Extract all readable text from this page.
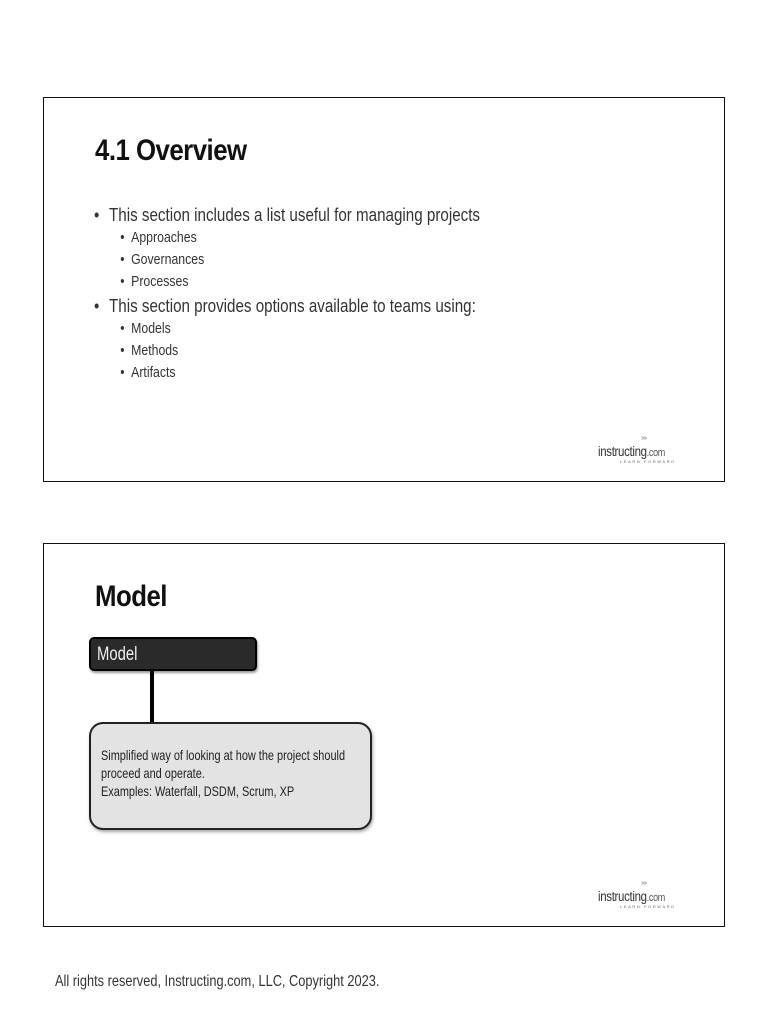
4.1 Overview
• This section includes a list useful for managing projects
• Approaches
• Governances
• Processes
• This section provides options available to teams using:
• Models
• Methods
• Artifacts
››››
instructing.com
LEARN FORWARD
Model
Model

Simplified way of looking at how the project should proceed and operate.
Examples: Waterfall, DSDM, Scrum, XP

››››
instructing.com
LEARN FORWARD
All rights reserved, Instructing.com, LLC, Copyright 2023.
